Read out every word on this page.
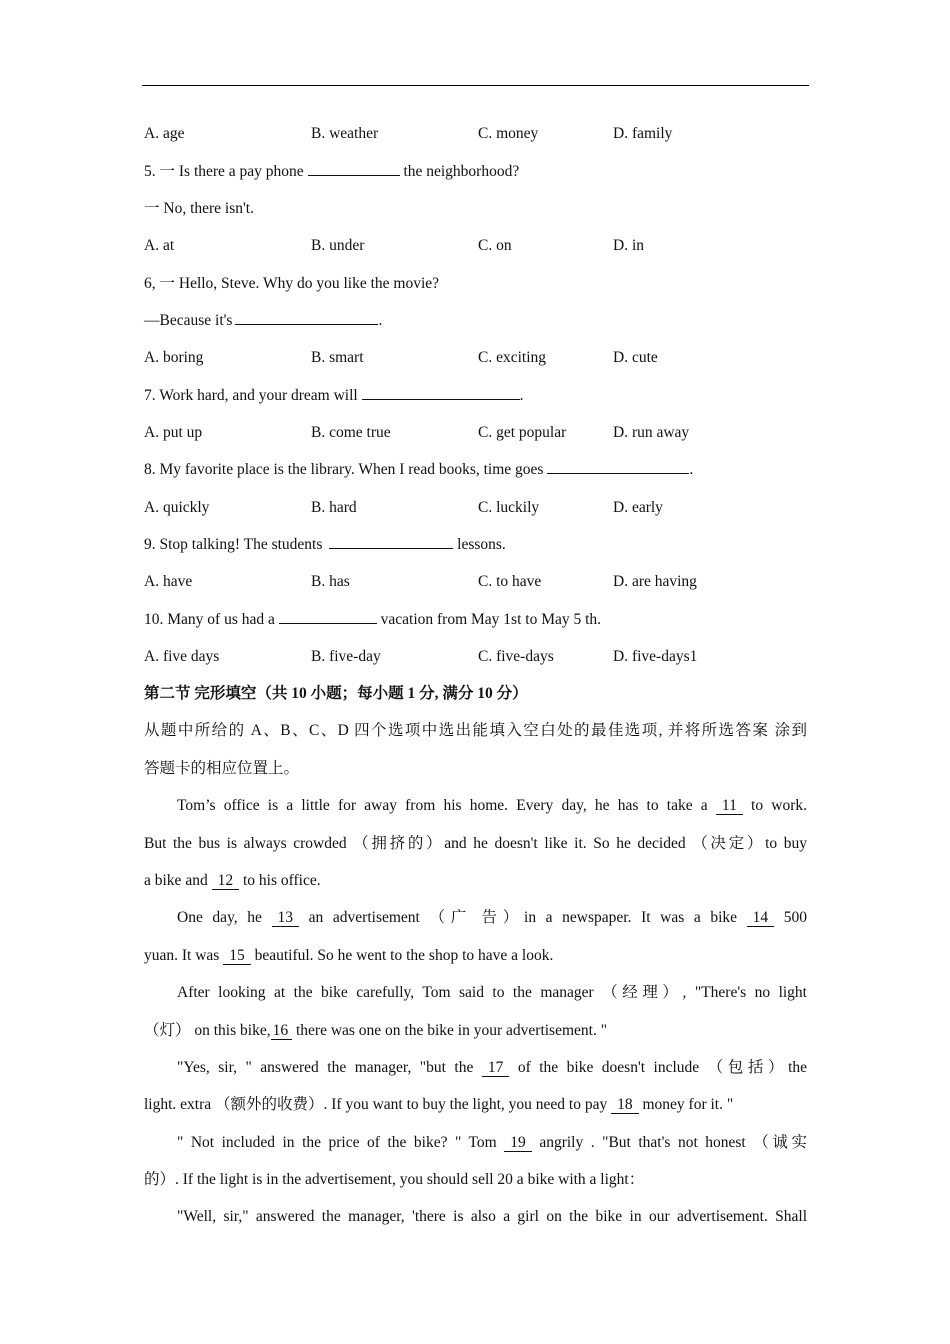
A. age	B. weather	C. money	D. family
5. 一 Is there a pay phone	the neighborhood?
一 No, there isn't.
A. at	B. under	C. on	D. in
6, 一 Hello, Steve. Why do you like the movie?
—Because it's	.
A. boring	B. smart	C. exciting	D. cute
7. Work hard, and your dream will	.
A. put up	B. come true	C. get popular	D. run away
8. My favorite place is the library. When I read books, time goes	.
A. quickly	B. hard	C. luckily	D. early
9. Stop talking! The students	lessons.
A. have	B. has	C. to have	D. are having
10. Many of us had a	vacation from May 1st to May 5 th.
A. five days	B. five-day	C. five-days	D. five-days1
第二节 完形填空（共 10 小题；每小题 1 分, 满分 10 分）
从题中所给的 A、B、C、D 四个选项中选出能填入空白处的最佳选项, 并将所选答案 涂到
答题卡的相应位置上。
Tom’s office is a little for away from his home. Every day, he has to take a 11 to work.
But the bus is always crowded （拥挤的）and he doesn't like it. So he decided （决定）to buy
a bike and 12 to his office.
One day, he 13 an advertisement （广 告）in a newspaper. It was a bike 14 500
yuan. It was 15 beautiful. So he went to the shop to have a look.
After looking at the bike carefully, Tom said to the manager （经理）, "There's no light
（灯） on this bike, 16 there was one on the bike in your advertisement. "
"Yes, sir, " answered the manager, "but the 17 of the bike doesn't include （包括）the
light. extra （额外的收费）. If you want to buy the light, you need to pay 18 money for it. "
" Not included in the price of the bike? " Tom 19 angrily . "But that's not honest （诚实
的）. If the light is in the advertisement, you should sell 20 a bike with a light：
"Well, sir," answered the manager, 'there is also a girl on the bike in our advertisement. Shall
